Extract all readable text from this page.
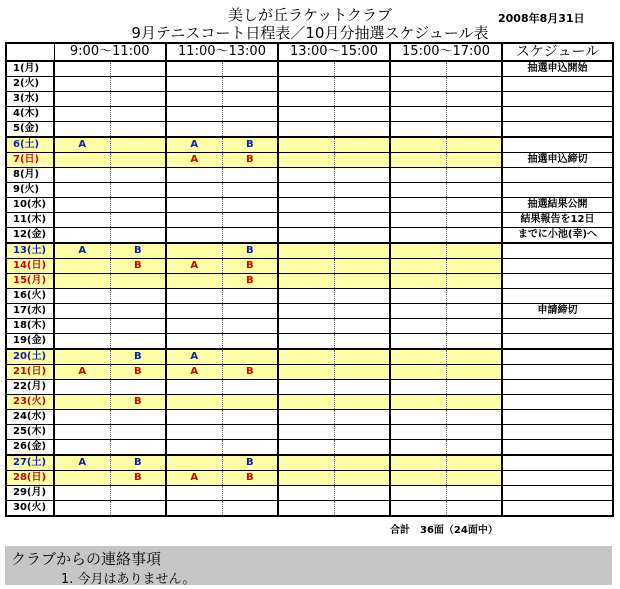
美しが丘ラケットクラブ
9月テニスコート日程表／10月分抽選スケジュール表
2008年8月31日
	9:00～11:00		11:00～13:00		13:00～15:00		15:00～17:00		スケジュール
1(月)									抽選申込開始
2(火)									
3(水)									
4(木)									
5(金)									
6(土)	A		A	B					
7(日)			A	B					抽選申込締切
8(月)									
9(火)									
10(水)									抽選結果公開
11(木)									結果報告を12日
12(金)									までに小池(幸)へ
13(土)	A	B		B					
14(日)		B	A	B					
15(月)				B					
16(火)									
17(水)									申請締切
18(木)									
19(金)									
20(土)		B	A						
21(日)	A	B	A	B					
22(月)									
23(火)		B							
24(水)									
25(木)									
26(金)									
27(土)	A	B		B					
28(日)		B	A	B					
29(月)									
30(火)									
合計　36面（24面中）
クラブからの連絡事項
1. 今月はありません。
